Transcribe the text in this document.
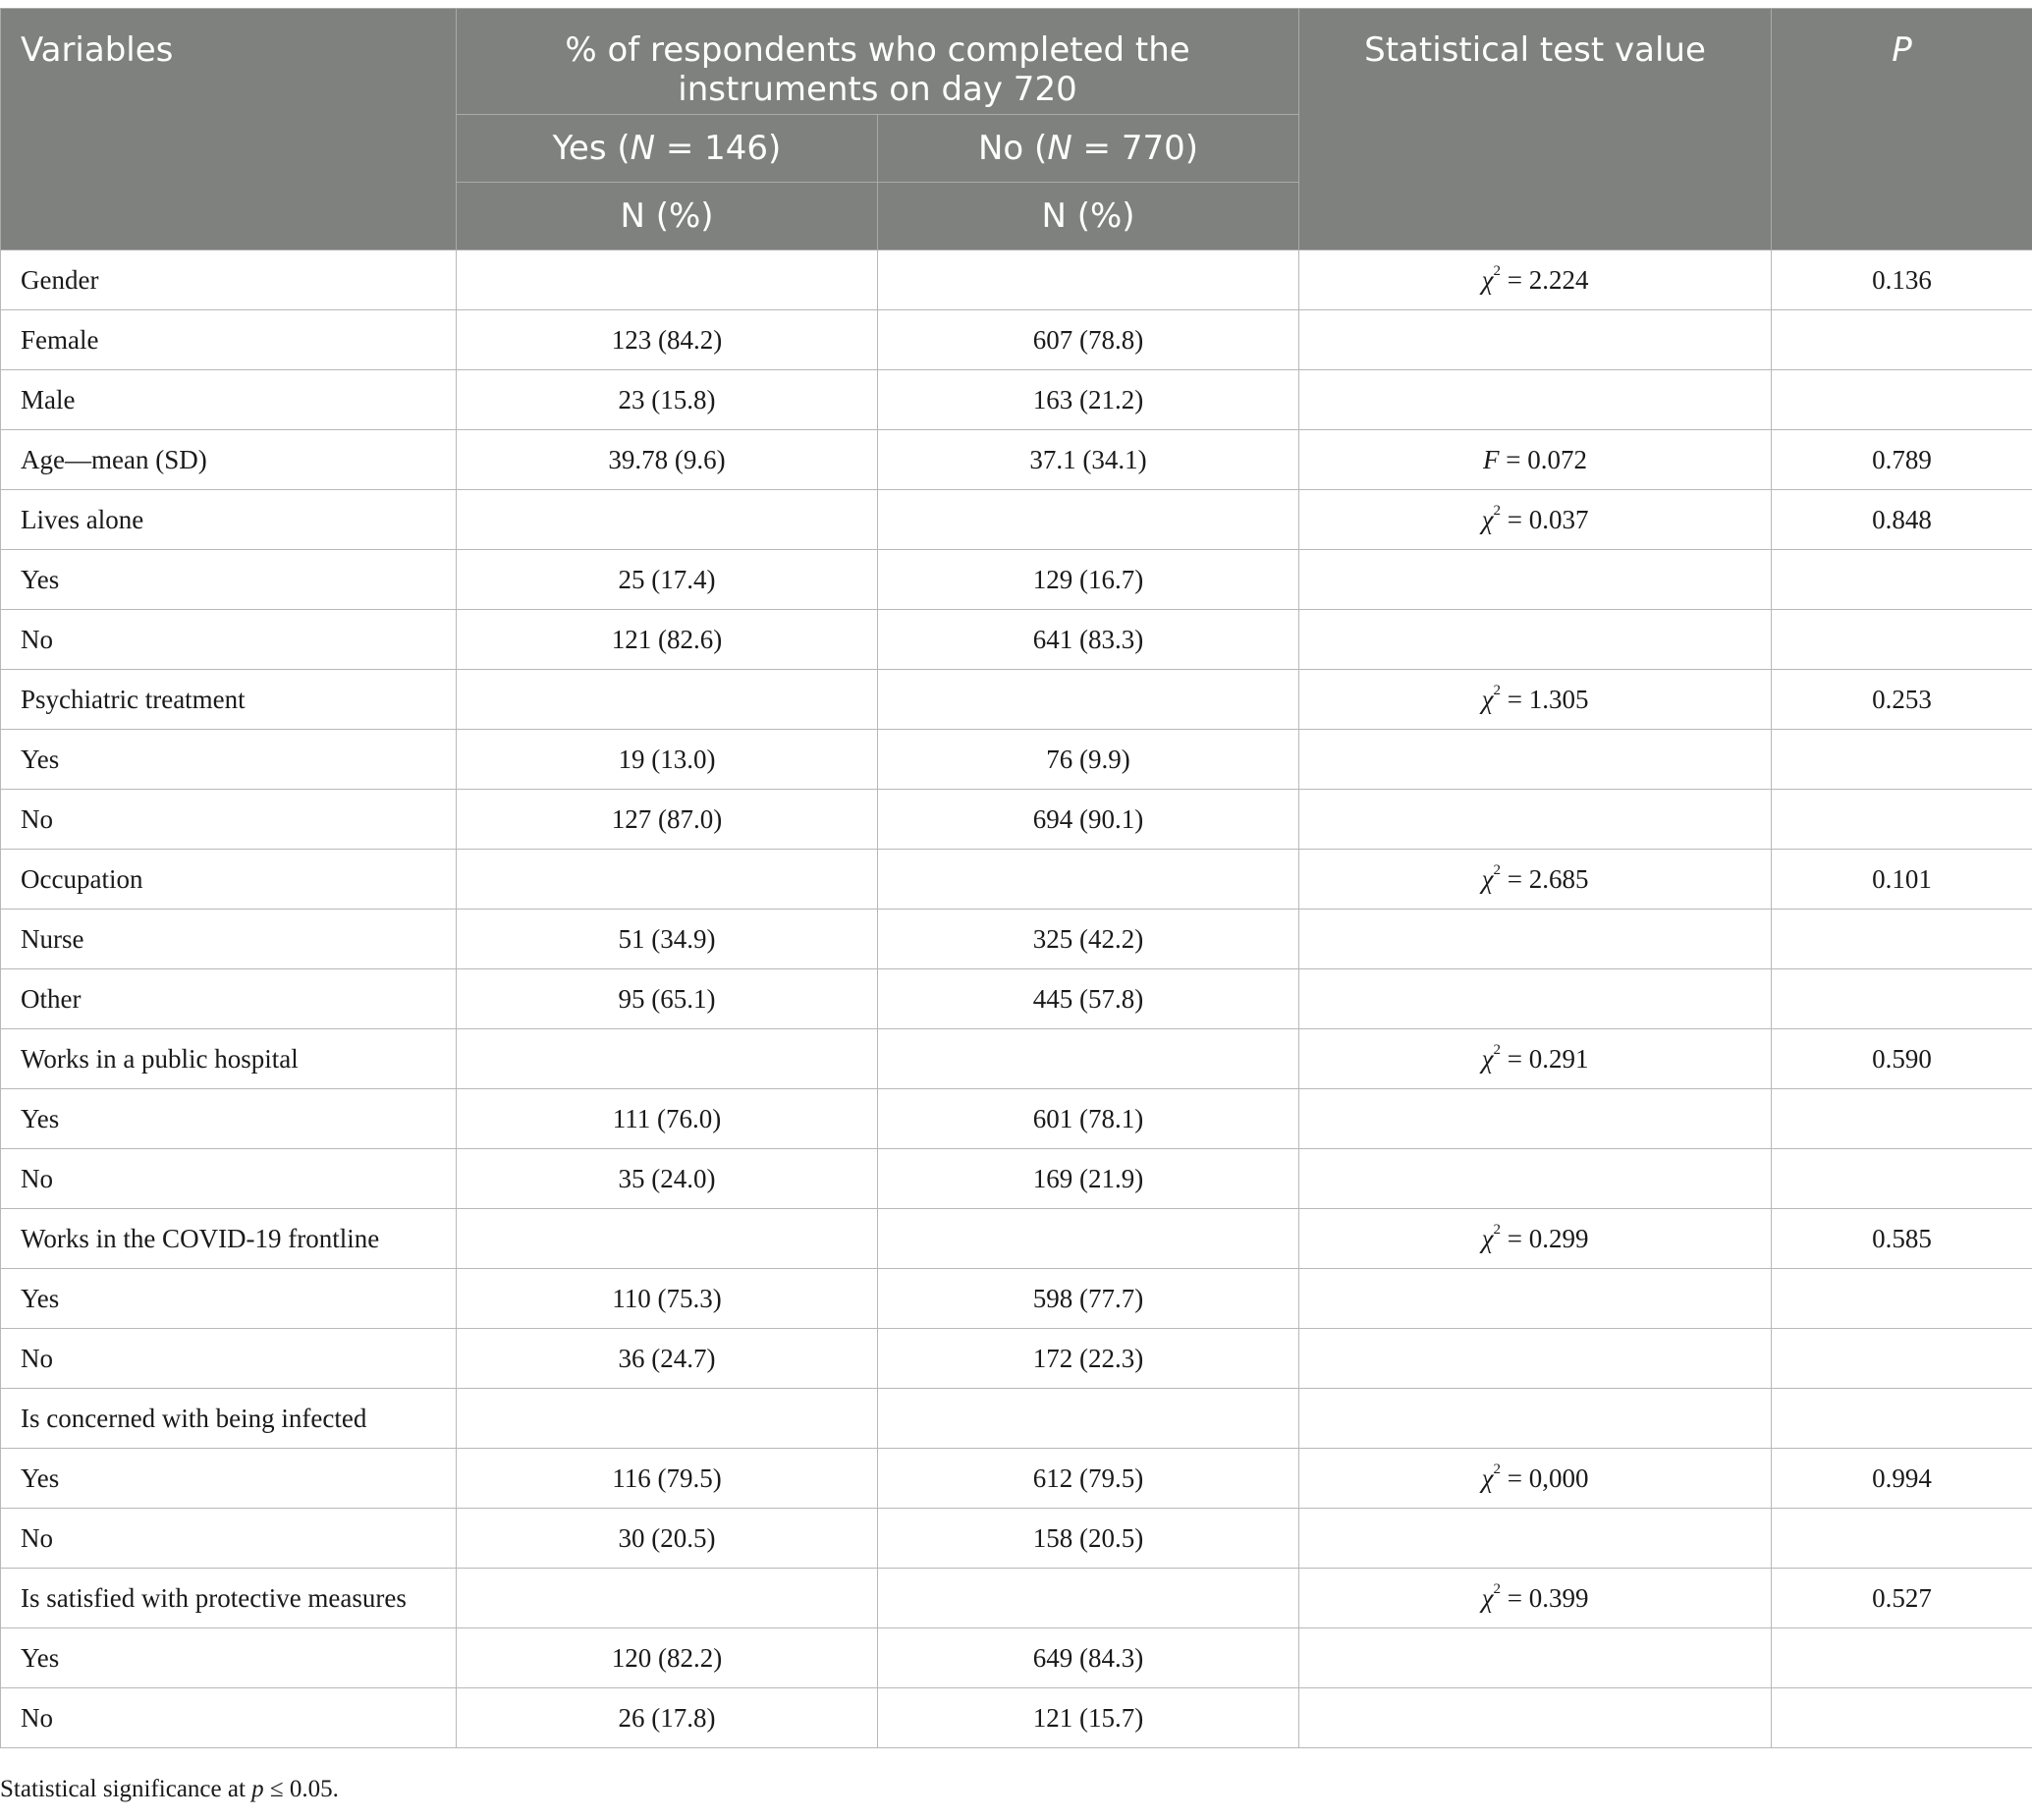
Variables	% of respondents who completed the instruments on day 720		Statistical test value	P
	Yes (N = 146)	No (N = 770)		
	N (%)	N (%)		
Gender			$\chi^2 = 2.224$	0.136
Female	123 (84.2)	607 (78.8)		
Male	23 (15.8)	163 (21.2)		
Age—mean (SD)	39.78 (9.6)	37.1 (34.1)	F = 0.072	0.789
Lives alone			$\chi^2 = 0.037$	0.848
Yes	25 (17.4)	129 (16.7)		
No	121 (82.6)	641 (83.3)		
Psychiatric treatment			$\chi^2 = 1.305$	0.253
Yes	19 (13.0)	76 (9.9)		
No	127 (87.0)	694 (90.1)		
Occupation			$\chi^2 = 2.685$	0.101
Nurse	51 (34.9)	325 (42.2)		
Other	95 (65.1)	445 (57.8)		
Works in a public hospital			$\chi^2 = 0.291$	0.590
Yes	111 (76.0)	601 (78.1)		
No	35 (24.0)	169 (21.9)		
Works in the COVID-19 frontline			$\chi^2 = 0.299$	0.585
Yes	110 (75.3)	598 (77.7)		
No	36 (24.7)	172 (22.3)		
Is concerned with being infected				
Yes	116 (79.5)	612 (79.5)	$\chi^2 = 0,000$	0.994
No	30 (20.5)	158 (20.5)		
Is satisfied with protective measures			$\chi^2 = 0.399$	0.527
Yes	120 (82.2)	649 (84.3)		
No	26 (17.8)	121 (15.7)		
Statistical significance at p ≤ 0.05.
